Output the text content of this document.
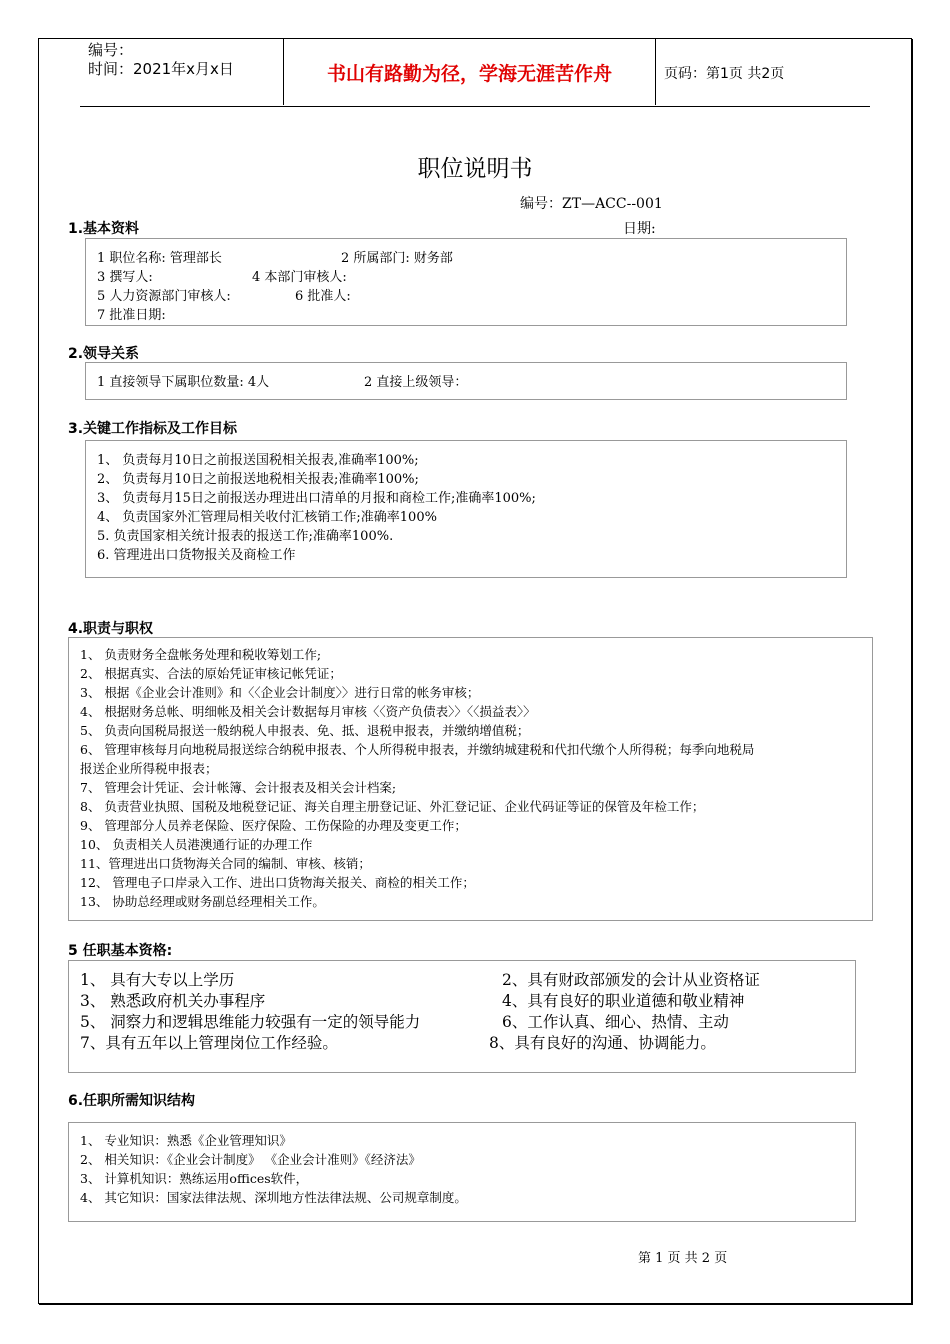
编号：
时间：2021年x月x日	书山有路勤为径，学海无涯苦作舟	页码：第1页 共2页
职位说明书
编号：ZT—ACC--001
日期:
1.基本资料
1 职位名称: 管理部长	2 所属部门: 财务部
3 撰写人:	4 本部门审核人:
5 人力资源部门审核人:	6 批准人:
7 批准日期:
2.领导关系
1 直接领导下属职位数量: 4人	2 直接上级领导：
3.关键工作指标及工作目标
1、 负责每月10日之前报送国税相关报表,准确率100%;
2、 负责每月10日之前报送地税相关报表;准确率100%;
3、 负责每月15日之前报送办理进出口清单的月报和商检工作;准确率100%;
4、 负责国家外汇管理局相关收付汇核销工作;准确率100%
5. 负责国家相关统计报表的报送工作;准确率100%.
6. 管理进出口货物报关及商检工作
4.职责与职权
1、 负责财务全盘帐务处理和税收筹划工作;
2、 根据真实、合法的原始凭证审核记帐凭证；
3、 根据《企业会计准则》和〈〈企业会计制度〉〉进行日常的帐务审核；
4、 根据财务总帐、明细帐及相关会计数据每月审核〈〈资产负债表〉〉〈〈损益表〉〉
5、 负责向国税局报送一般纳税人申报表、免、抵、退税申报表，并缴纳增值税；
6、 管理审核每月向地税局报送综合纳税申报表、个人所得税申报表，并缴纳城建税和代扣代缴个人所得税；每季向地税局
报送企业所得税申报表；
7、 管理会计凭证、会计帐簿、会计报表及相关会计档案;
8、 负责营业执照、国税及地税登记证、海关自理主册登记证、外汇登记证、企业代码证等证的保管及年检工作；
9、 管理部分人员养老保险、医疗保险、工伤保险的办理及变更工作；
10、 负责相关人员港澳通行证的办理工作
11、管理进出口货物海关合同的编制、审核、核销；
12、 管理电子口岸录入工作、进出口货物海关报关、商检的相关工作；
13、 协助总经理或财务副总经理相关工作。
5 任职基本资格:
1、 具有大专以上学历	2、具有财政部颁发的会计从业资格证
3、 熟悉政府机关办事程序	4、具有良好的职业道德和敬业精神
5、 洞察力和逻辑思维能力较强有一定的领导能力	6、工作认真、细心、热情、主动
7、具有五年以上管理岗位工作经验。	8、具有良好的沟通、协调能力。
6.任职所需知识结构
1、 专业知识：熟悉《企业管理知识》
2、 相关知识：《企业会计制度》 《企业会计准则》《经济法》
3、 计算机知识：熟练运用offices软件，
4、 其它知识：国家法律法规、深圳地方性法律法规、公司规章制度。
第 1 页 共 2 页
